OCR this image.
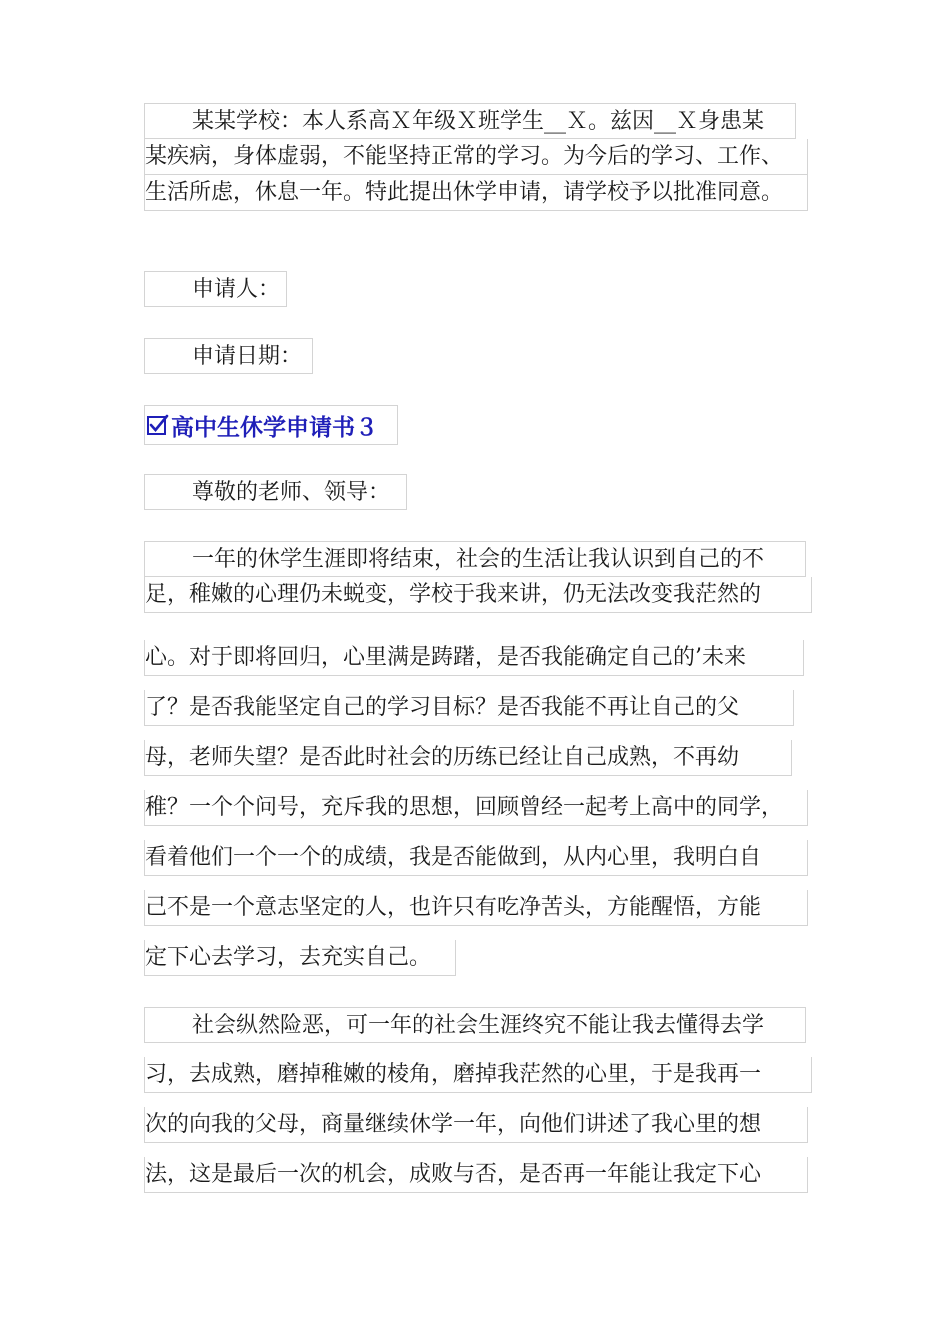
某某学校：本人系高Ｘ年级Ｘ班学生__Ｘ。兹因__Ｘ身患某
某疾病，身体虚弱，不能坚持正常的学习。为今后的学习、工作、
生活所虑，休息一年。特此提出休学申请，请学校予以批准同意。
申请人：
申请日期：
高中生休学申请书３
尊敬的老师、领导：
一年的休学生涯即将结束，社会的生活让我认识到自己的不
足，稚嫩的心理仍未蜕变，学校于我来讲，仍无法改变我茫然的
心。对于即将回归，心里满是踌躇，是否我能确定自己的’未来
了？是否我能坚定自己的学习目标？是否我能不再让自己的父
母，老师失望？是否此时社会的历练已经让自己成熟，不再幼
稚？一个个问号，充斥我的思想，回顾曾经一起考上高中的同学，
看着他们一个一个的成绩，我是否能做到，从内心里，我明白自
己不是一个意志坚定的人，也许只有吃净苦头，方能醒悟，方能
定下心去学习，去充实自己。
社会纵然险恶，可一年的社会生涯终究不能让我去懂得去学
习，去成熟，磨掉稚嫩的棱角，磨掉我茫然的心里，于是我再一
次的向我的父母，商量继续休学一年，向他们讲述了我心里的想
法，这是最后一次的机会，成败与否，是否再一年能让我定下心
